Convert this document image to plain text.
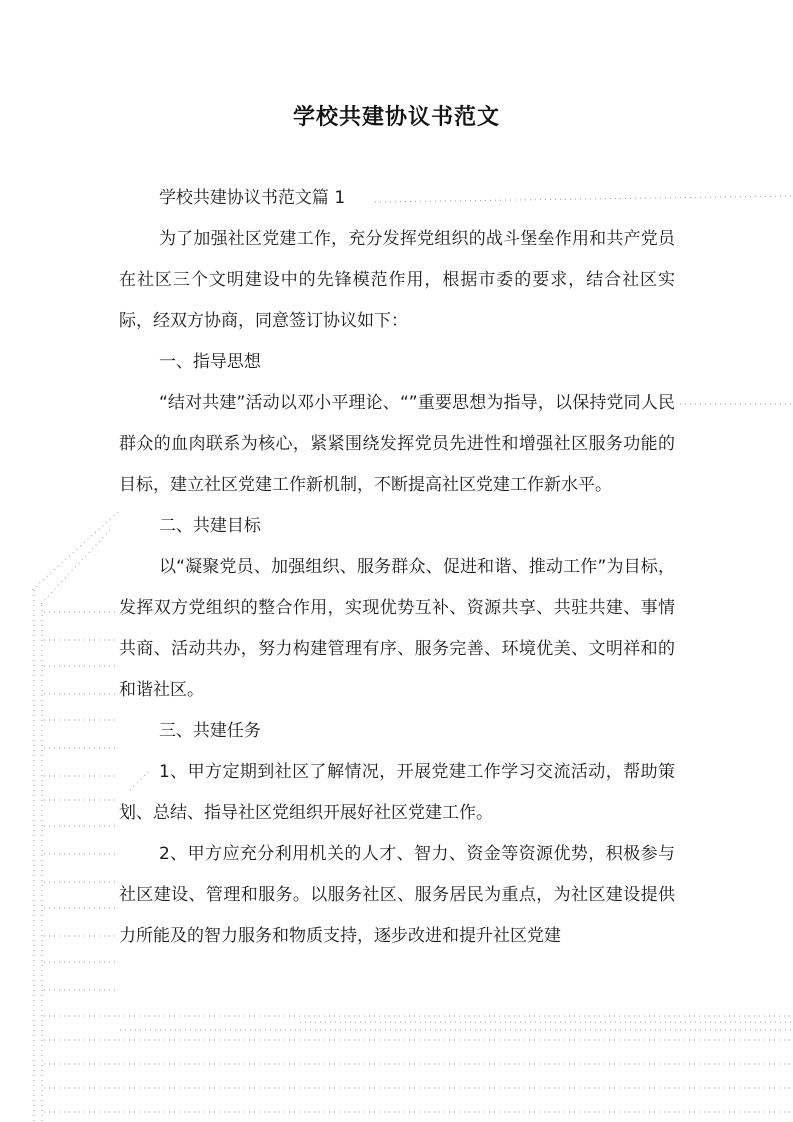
学校共建协议书范文

学校共建协议书范文篇 1

为了加强社区党建工作，充分发挥党组织的战斗堡垒作用和共产党员在社区三个文明建设中的先锋模范作用，根据市委的要求，结合社区实际，经双方协商，同意签订协议如下：

一、指导思想

“结对共建”活动以邓小平理论、“”重要思想为指导，以保持党同人民群众的血肉联系为核心，紧紧围绕发挥党员先进性和增强社区服务功能的目标，建立社区党建工作新机制，不断提高社区党建工作新水平。

二、共建目标

以“凝聚党员、加强组织、服务群众、促进和谐、推动工作”为目标，发挥双方党组织的整合作用，实现优势互补、资源共享、共驻共建、事情共商、活动共办，努力构建管理有序、服务完善、环境优美、文明祥和的和谐社区。

三、共建任务

1、甲方定期到社区了解情况，开展党建工作学习交流活动，帮助策划、总结、指导社区党组织开展好社区党建工作。

2、甲方应充分利用机关的人才、智力、资金等资源优势，积极参与社区建设、管理和服务。以服务社区、服务居民为重点，为社区建设提供力所能及的智力服务和物质支持，逐步改进和提升社区党建
